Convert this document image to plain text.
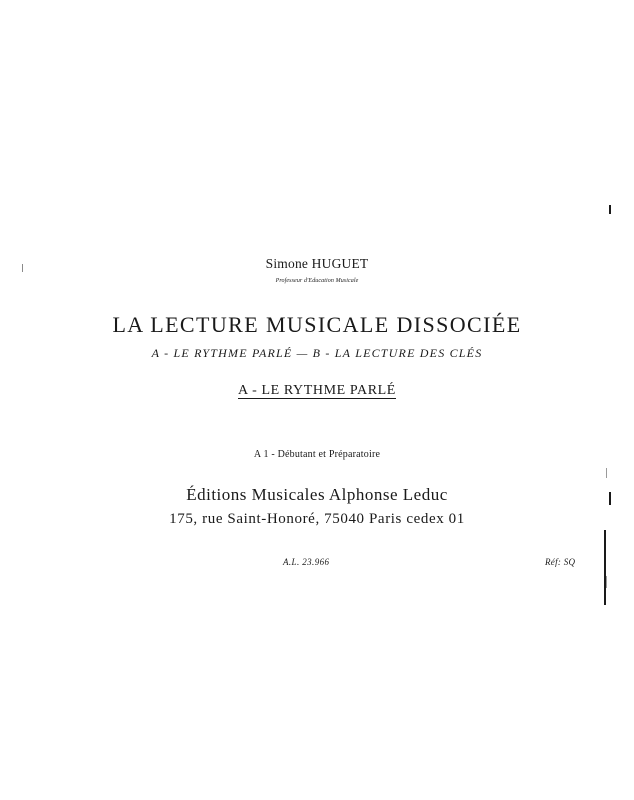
Simone HUGUET
Professeur d'Education Musicale
LA LECTURE MUSICALE DISSOCIÉE
A - LE RYTHME PARLÉ — B - LA LECTURE DES CLÉS
A - LE RYTHME PARLÉ
A 1 - Débutant et Préparatoire
Éditions Musicales Alphonse Leduc
175, rue Saint-Honoré, 75040 Paris cedex 01
A.L. 23.966	Réf: SQ
